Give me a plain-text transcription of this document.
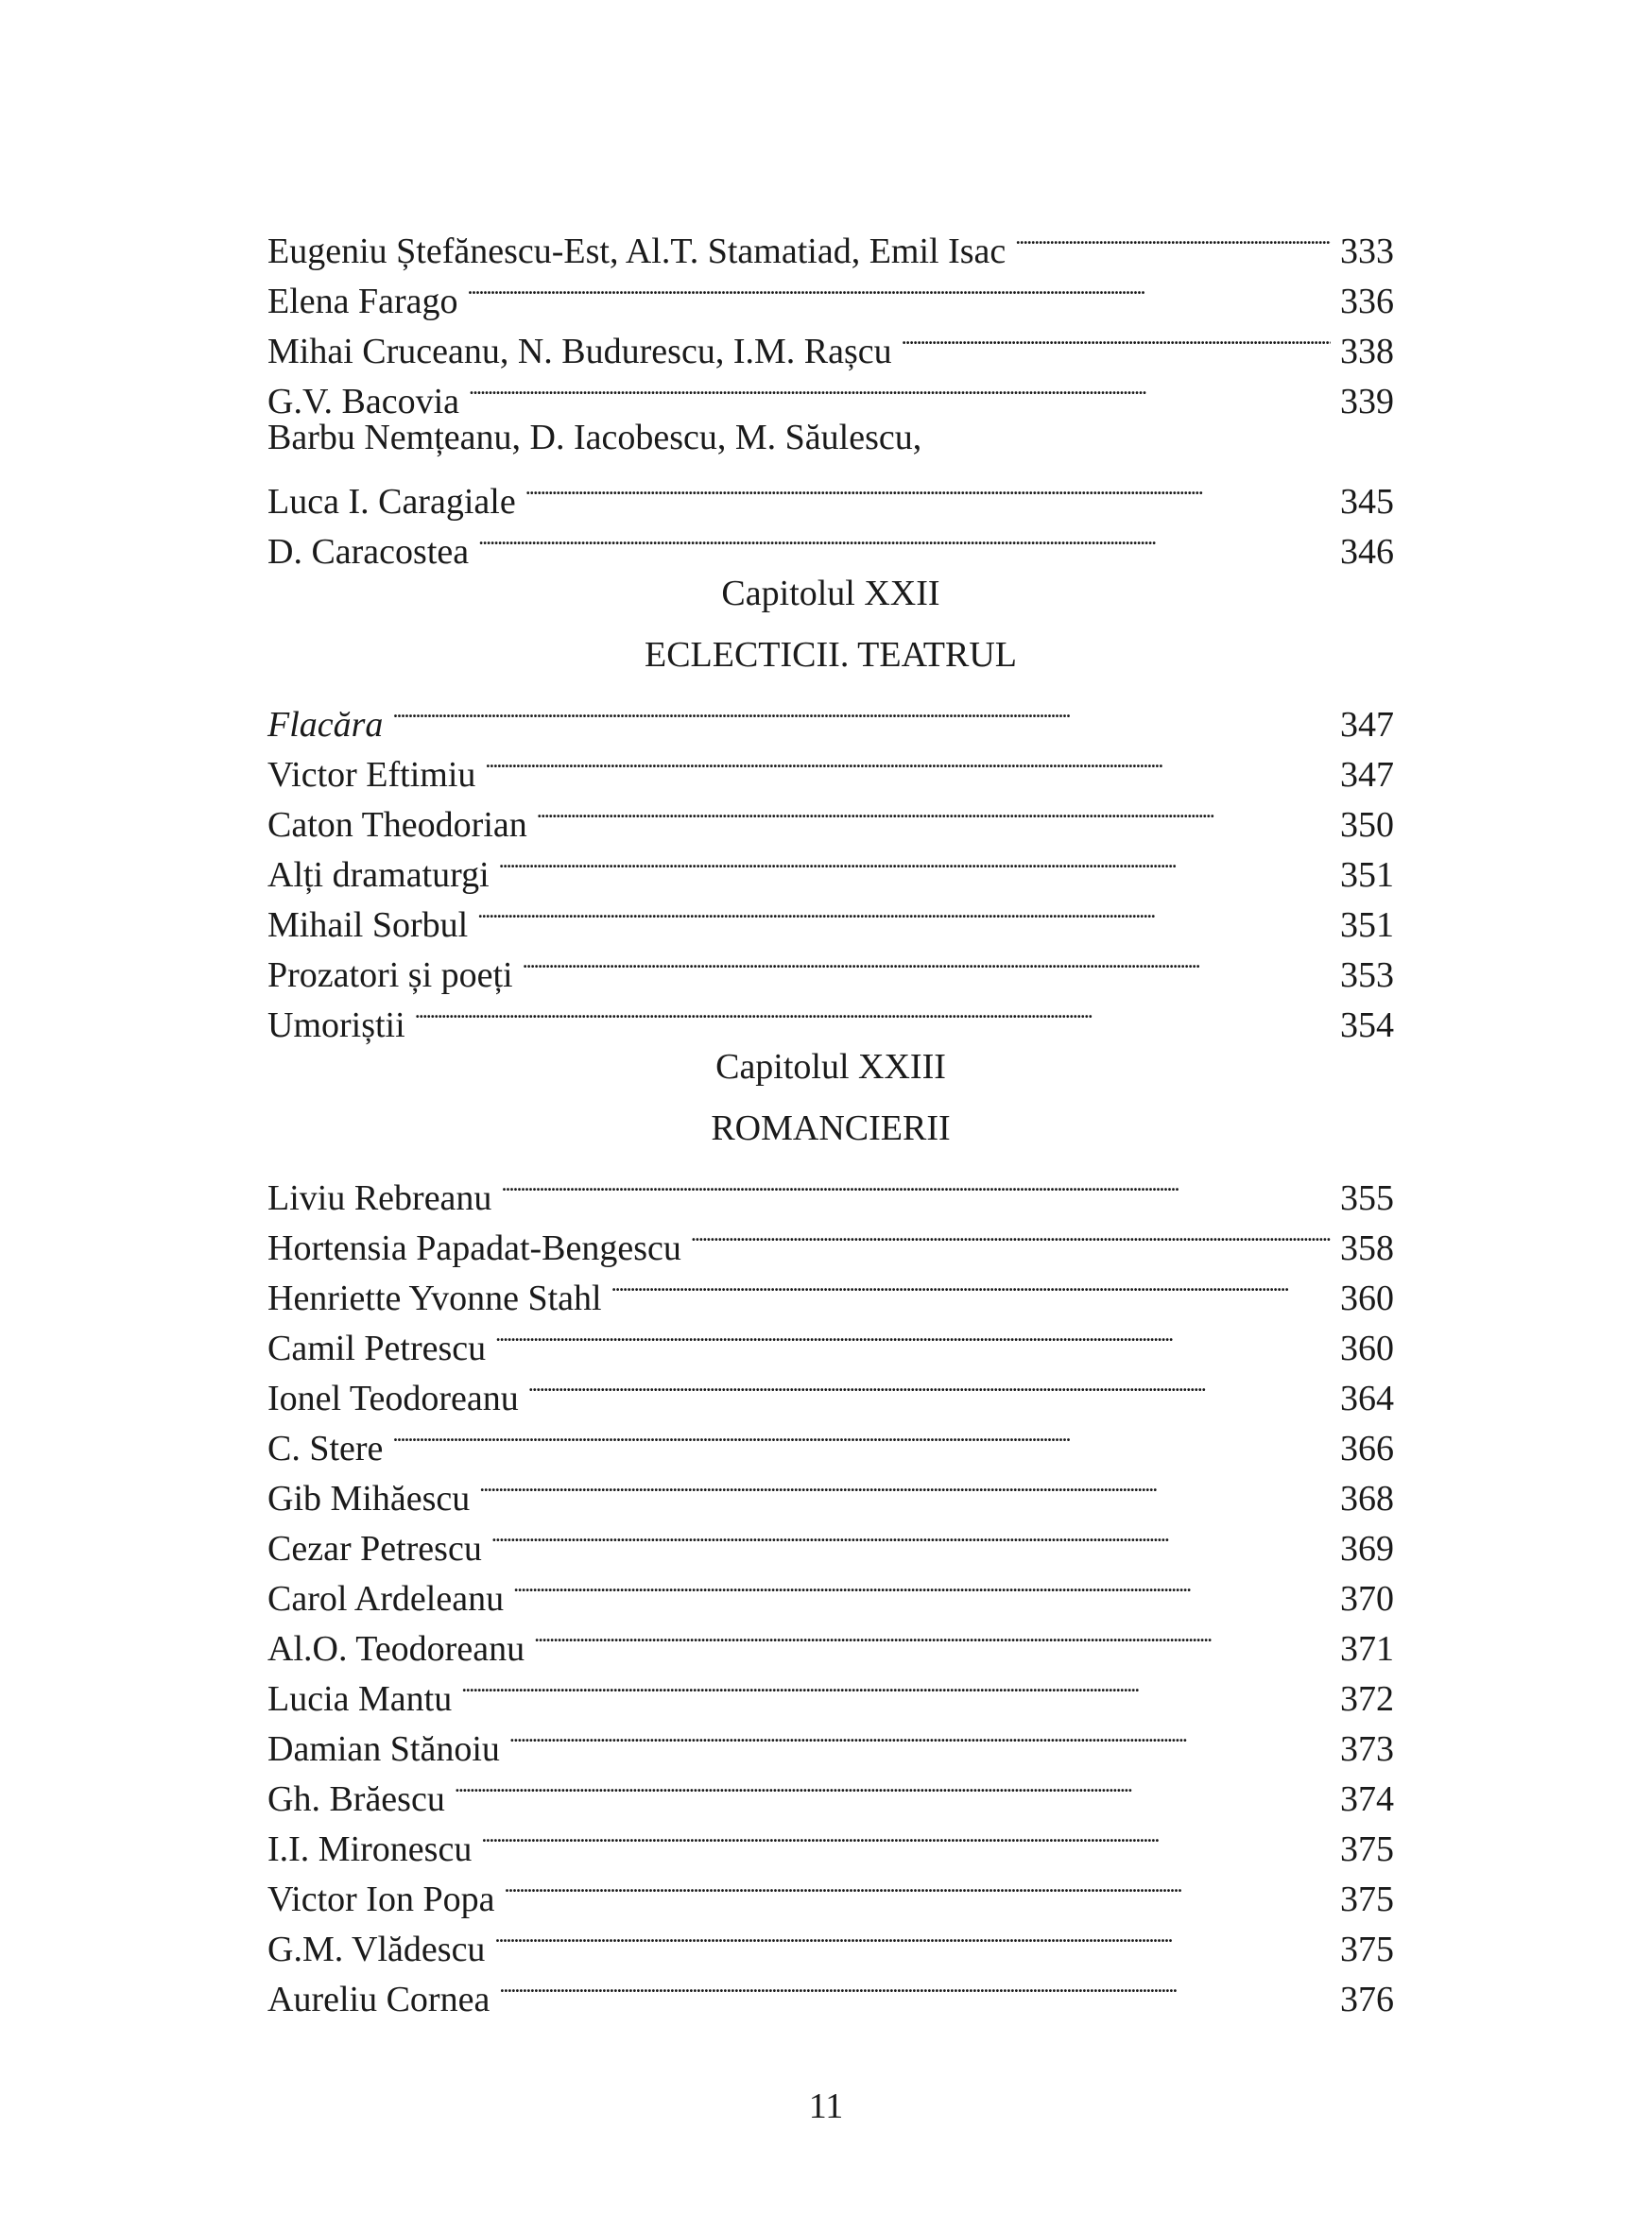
Eugeniu Ștefănescu-Est, Al.T. Stamatiad, Emil Isac . . .	333
Elena Farago . . .	336
Mihai Cruceanu, N. Budurescu, I.M. Rașcu . . .	338
G.V. Bacovia . . .	339
Barbu Nemțeanu, D. Iacobescu, M. Săulescu,
Luca I. Caragiale . . .	345
D. Caracostea . . .	346
Capitolul XXII
ECLECTICII. TEATRUL
Flacăra . . .	347
Victor Eftimiu . . .	347
Caton Theodorian . . .	350
Alți dramaturgi . . .	351
Mihail Sorbul . . .	351
Prozatori și poeți . . .	353
Umoriștii . . .	354
Capitolul XXIII
ROMANCIERII
Liviu Rebreanu . . .	355
Hortensia Papadat-Bengescu . . .	358
Henriette Yvonne Stahl . . .	360
Camil Petrescu . . .	360
Ionel Teodoreanu . . .	364
C. Stere . . .	366
Gib Mihăescu . . .	368
Cezar Petrescu . . .	369
Carol Ardeleanu . . .	370
Al.O. Teodoreanu . . .	371
Lucia Mantu . . .	372
Damian Stănoiu . . .	373
Gh. Brăescu . . .	374
I.I. Mironescu . . .	375
Victor Ion Popa . . .	375
G.M. Vlădescu . . .	375
Aureliu Cornea . . .	376
11
